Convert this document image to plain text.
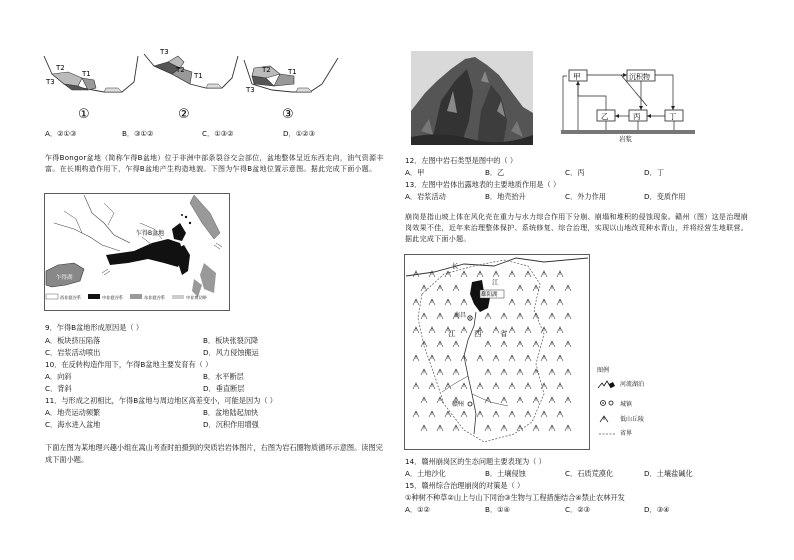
T2
T1
T3
①
T3
T2
T1
②
T2 T1
T3
③
A．②①③	B．③①②	C．①③②	D．①②③
乍得Bongor盆地（简称乍得B盆地）位于非洲中部条裂谷交会部位，盆地整体呈近东西走向，油气资源丰富。在长期构造作用下，乍得B盆地产生构造地貌。下图为乍得B盆地位置示意图。据此完成下面小题。
乍得湖
乍得B盆地
西非裂谷系	中非裂谷系	东非裂谷系	中非剪切带
9．乍得B盆地形成原因是（ ）
A．板块挤压陷落	B．板块张裂沉降
C．岩浆活动喷出	D．风力侵蚀搬运
10．在反转构造作用下，乍得B盆地主要发育有（ ）
A．向斜	B．水平断层
C．背斜	D．垂直断层
11．与形成之初相比，乍得B盆地与周边地区高差变小，可能是因为（ ）
A．地壳运动频繁	B．盆地陆起加快
C．海水进入盆地	D．沉积作用增强
下面左图为某地理兴趣小组在嵩山考查时拍摄到的突质岩岩体图片，右图为岩石圈物质循环示意图。读图完成下面小题。
甲	沉积物
乙	丙	丁
岩浆
12．左图中岩石类型是图中的（ ）
A．甲	B．乙	C．丙	D．丁
13．左图中岩体出露地表的主要地质作用是（ ）
A．岩浆活动	B．地壳抬升	C．外力作用	D．变质作用
崩岗是指山坡上体在风化壳在重力与水力综合作用下分崩、崩塌和堆积的侵蚀现象。赣州（图）这是治理崩岗效果不佳，近年来治理整体保护、系统修复、综合治理，实现以山地改荒种水青山，并将经营生地联营。据此完成下面小题。
长
江
鄱阳湖
南昌
江 西 省
赣州
图例
河流湖泊
城镇
低山丘陵
省界
14．赣州崩岗区的生态问题主要表现为（ ）
A．土地沙化	B．土壤侵蚀	C．石质荒漠化	D．土壤盐碱化
15．赣州综合治理崩岗的对策是（ ）
①种树不种草②山上与山下同治③生物与工程措施结合④禁止农林开发
A．①②	B．①④	C．②③	D．③④
